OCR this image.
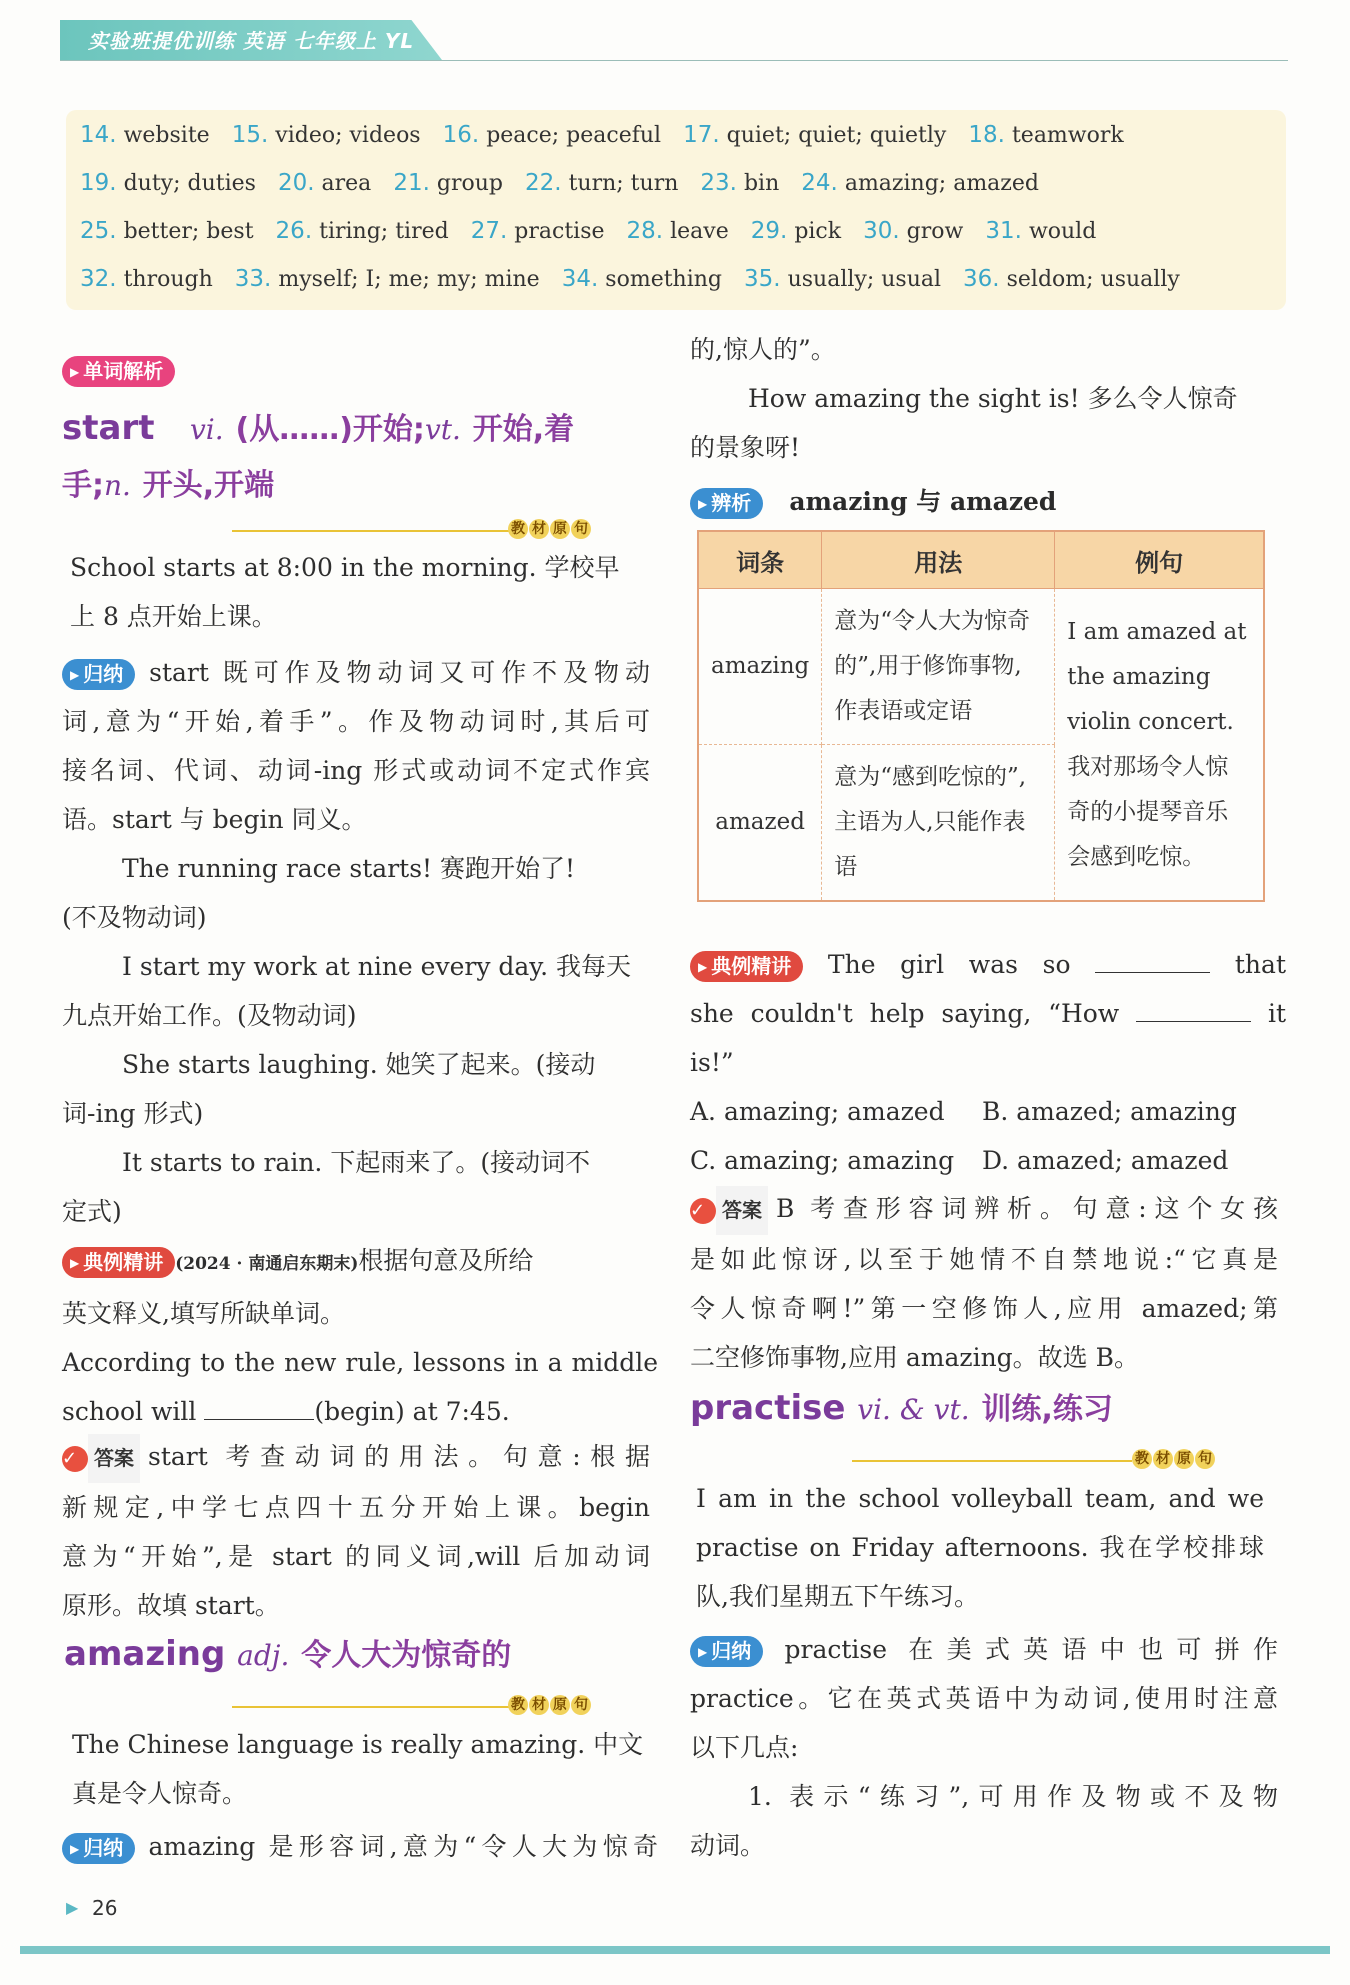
实验班提优训练 英语 七年级上 YL
14. website 15. video; videos 16. peace; peaceful 17. quiet; quiet; quietly 18. teamwork
19. duty; duties 20. area 21. group 22. turn; turn 23. bin 24. amazing; amazed
25. better; best 26. tiring; tired 27. practise 28. leave 29. pick 30. grow 31. would
32. through 33. myself; I; me; my; mine 34. something 35. usually; usual 36. seldom; usually
▶ 单词解析
start vi. (从……)开始;vt. 开始,着
手;n. 开头,开端
教 材 原 句
School starts at 8:00 in the morning. 学校早
上 8 点开始上课。
▶ 归纳 start 既可作及物动词又可作不及物动
词,意为“开始,着手”。作及物动词时,其后可
接名词、代词、动词-ing 形式或动词不定式作宾
语。start 与 begin 同义。
The running race starts! 赛跑开始了!
(不及物动词)
I start my work at nine every day. 我每天
九点开始工作。(及物动词)
She starts laughing. 她笑了起来。(接动
词-ing 形式)
It starts to rain. 下起雨来了。(接动词不
定式)
▶ 典例精讲 (2024 · 南通启东期末)根据句意及所给
英文释义,填写所缺单词。
According to the new rule, lessons in a middle
school will	(begin) at 7:45.
✓ 答案 start 考查动词的用法。句意:根据
新规定,中学七点四十五分开始上课。begin
意为“开始”,是 start 的同义词,will 后加动词
原形。故填 start。
amazing adj. 令人大为惊奇的
教 材 原 句
The Chinese language is really amazing. 中文
真是令人惊奇。
▶ 归纳 amazing 是形容词,意为“令人大为惊奇
的,惊人的”。
How amazing the sight is! 多么令人惊奇
的景象呀!
▶ 辨析 amazing 与 amazed
词条	用法	例句
amazing	意为“令人大为惊奇的”,用于修饰事物,作表语或定语	I am amazed at the amazing violin concert. 我对那场令人惊奇的小提琴音乐会感到吃惊。
amazed	意为“感到吃惊的”,主语为人,只能作表语	
▶ 典例精讲 The girl was so	that
she couldn't help saying, “How	it
is!”
A. amazing; amazed B. amazed; amazing
C. amazing; amazing D. amazed; amazed
✓ 答案 B 考查形容词辨析。句意:这个女孩
是如此惊讶,以至于她情不自禁地说:“它真是
令人惊奇啊!”第一空修饰人,应用 amazed;第
二空修饰事物,应用 amazing。故选 B。
practise vi. & vt. 训练,练习
教 材 原 句
I am in the school volleyball team, and we
practise on Friday afternoons. 我在学校排球
队,我们星期五下午练习。
▶ 归纳 practise 在美式英语中也可拼作
practice。它在英式英语中为动词,使用时注意
以下几点:
1. 表示“练习”,可用作及物或不及物
动词。
▶ 26
